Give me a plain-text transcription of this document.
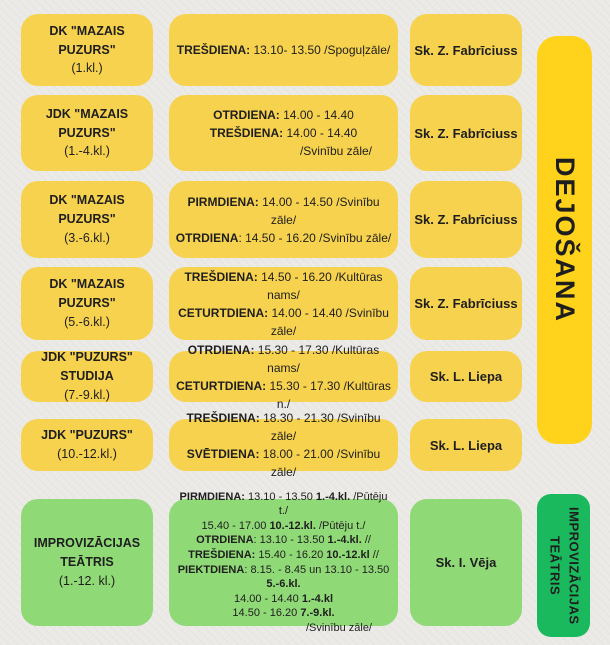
DK "MAZAIS PUZURS"
(1.kl.)
TREŠDIENA: 13.10- 13.50 /Spoguļzāle/	Sk. Z. Fabrīciuss
JDK "MAZAIS PUZURS"
(1.-4.kl.)
OTRDIENA: 14.00 - 14.40
TREŠDIENA: 14.00 - 14.40
/Svinību zāle/
Sk. Z. Fabrīciuss
DK "MAZAIS PUZURS"
(3.-6.kl.)
PIRMDIENA: 14.00 - 14.50 /Svinību zāle/
OTRDIENA: 14.50 - 16.20 /Svinību zāle/
Sk. Z. Fabrīciuss
DK "MAZAIS PUZURS"
(5.-6.kl.)
TREŠDIENA: 14.50 - 16.20 /Kultūras nams/
CETURTDIENA: 14.00 - 14.40 /Svinību zāle/
Sk. Z. Fabrīciuss
JDK "PUZURS" STUDIJA
(7.-9.kl.)
OTRDIENA: 15.30 - 17.30 /Kultūras nams/
CETURTDIENA: 15.30 - 17.30 /Kultūras n./
Sk. L. Liepa
JDK "PUZURS"
(10.-12.kl.)
TREŠDIENA: 18.30 - 21.30 /Svinību zāle/
SVĒTDIENA: 18.00 - 21.00 /Svinību zāle/
Sk. L. Liepa
IMPROVIZĀCIJAS
TEĀTRIS
(1.-12. kl.)
PIRMDIENA: 13.10 - 13.50 1.-4.kl. /Pūtēju t./
15.40 - 17.00 10.-12.kl. /Pūtēju t./
OTRDIENA: 13.10 - 13.50 1.-4.kl. //
TREŠDIENA: 15.40 - 16.20 10.-12.kl //
PIEKTDIENA: 8.15. - 8.45 un 13.10 - 13.50 5.-6.kl.
14.00 - 14.40 1.-4.kl
14.50 - 16.20 7.-9.kl.
/Svinību zāle/
Sk. I. Vēja
DEJOŠANA
IMPROVIZĀCIJAS
TEĀTRIS
